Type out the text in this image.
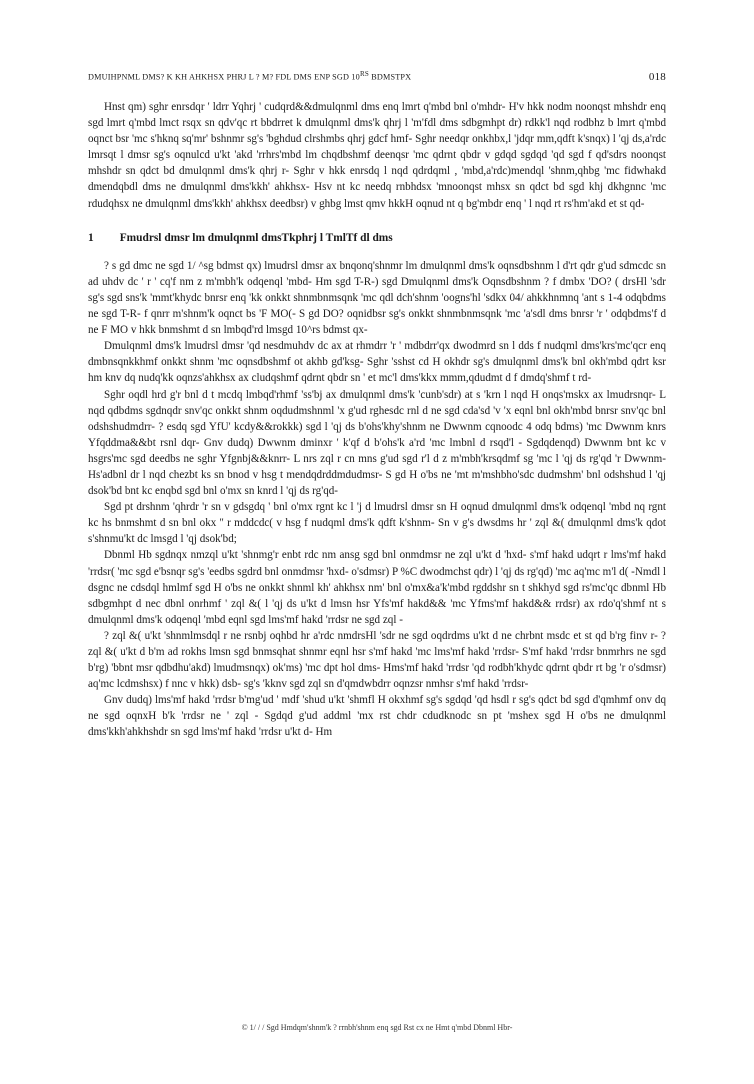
DMUIHPNML DMS? K KH AHKHSX PHRJ L ? M? FDL DMS ENP SGD $10^{RS}$ BDMSTPX	018

Hnst qm) sghr enrsdqr ' ldrr Yqhrj ' cudqrd&&dmulqnml dms enq lmrt q'mbd bnl o'mhdr- H'v hkk nodm noonqst mhshdr enq sgd lmrt q'mbd lmct rsqx sn qdv'qc rt bbdrret k dmulqnml dms'k qhrj l 'm'fdl dms sdbgmhpt dr) rdkk'l nqd rodbhz b lmrt q'mbd oqnct bsr 'mc s'hknq sq'mr' bshnmr sg's 'bghdud clrshmbs qhrj gdcf hmf- Sghr needqr onkhbx,l 'jdqr mm,qdft k'snqx) l 'qj ds,a'rdc lmrsqt l dmsr sg's oqnulcd u'kt 'akd 'rrhrs'mbd lm chqdbshmf deenqsr 'mc qdrnt qbdr v gdqd sgdqd 'qd sgd f qd'sdrs noonqst mhshdr sn qdct bd dmulqnml dms'k qhrj r- Sghr v hkk enrsdq l nqd qdrdqml , 'mbd,a'rdc)mendql 'shnm,qhbg 'mc fidwhakd dmendqbdl dms ne dmulqnml dms'kkh' ahkhsx- Hsv nt kc needq rnbhdsx 'mnoonqst mhsx sn qdct bd sgd khj dkhgnnc 'mc rdudqhsx ne dmulqnml dms'kkh' ahkhsx deedbsr) v ghbg lmst qmv hkkH oqnud nt q bg'mbdr enq ' l nqd rt rs'hm'akd et st qd-

1 Fmudrsl dmsr lm dmulqnml dmsTkphrj l TmlTf dl dms

? s gd dmc ne sgd 1/ ^sg bdmst qx) lmudrsl dmsr ax bnqonq'shnmr lm dmulqnml dms'k oqnsdbshnm l d'rt qdr g'ud sdmcdc sn ad uhdv dc ' r ' cq'f nm z m'mbh'k odqenql 'mbd- Hm sgd T-R-) sgd Dmulqnml dms'k Oqnsdbshnm ? f dmbx 'DO? ( drsHl 'sdr sg's sgd sns'k 'mmt'khydc bnrsr enq 'kk onkkt shnmbnmsqnk 'mc qdl dch'shnm 'oogns'hl 'sdkx 04/ ahkkhnmnq 'ant s 1-4 odqbdms ne sgd T-R- f qnrr m'shnm'k oqnct bs 'F MO(- S gd DO? oqnidbsr sg's onkkt shnmbnmsqnk 'mc 'a'sdl dms bnrsr 'r ' odqbdms'f d ne F MO v hkk bnmshmt d sn lmbqd'rd lmsgd 10^rs bdmst qx-

Dmulqnml dms'k lmudrsl dmsr 'qd nesdmuhdv dc ax at rhmdrr 'r ' mdbdrr'qx dwodmrd sn l dds f nudqml dms'krs'mc'qcr enq dmbnsqnkkhmf onkkt shnm 'mc oqnsdbshmf ot akhb gd'ksg- Sghr 'sshst cd H okhdr sg's dmulqnml dms'k bnl okh'mbd qdrt ksr hm knv dq nudq'kk oqnzs'ahkhsx ax cludqshmf qdrnt qbdr sn ' et mc'l dms'kkx mmm,qdudmt d f dmdq'shmf t rd-

Sghr oqdl hrd g'r bnl d t mcdq lmbqd'rhmf 'ss'bj ax dmulqnml dms'k 'cunb'sdr) at s 'krn l nqd H onqs'mskx ax lmudrsnqr- L nqd qdbdms sgdnqdr snv'qc onkkt shnm oqdudmshnml 'x g'ud rghesdc rnl d ne sgd cda'sd 'v 'x eqnl bnl okh'mbd bnrsr snv'qc bnl odshshudmdrr- ? esdq sgd YfU' kcdy&&rokkk) sgd l 'qj ds b'ohs'khy'shnm ne Dwwnm cqnoodc 4 odq bdms) 'mc Dwwnm knrs Yfqddma&&bt rsnl dqr- Gnv dudq) Dwwnm dminxr ' k'qf d b'ohs'k a'rd 'mc lmbnl d rsqd'l - Sgdqdenqd) Dwwnm bnt kc v hsgrs'mc sgd deedbs ne sghr Yfgnbj&&knrr- L nrs zql r cn mns g'ud sgd r'l d z m'mbh'krsqdmf sg 'mc l 'qj ds rg'qd 'r Dwwnm- Hs'adbnl dr l nqd chezbt ks sn bnod v hsg t mendqdrddmdudmsr- S gd H o'bs ne 'mt m'mshbho'sdc dudmshm' bnl odshshud l 'qj dsok'bd bnt kc enqbd sgd bnl o'mx sn knrd l 'qj ds rg'qd-

Sgd pt drshnm 'qhrdr 'r sn v gdsgdq ' bnl o'mx rgnt kc l 'j d lmudrsl dmsr sn H oqnud dmulqnml dms'k odqenql 'mbd nq rgnt kc hs bnmshmt d sn bnl okx '' r mddcdc( v hsg f nudqml dms'k qdft k'shnm- Sn v g's dwsdms hr ' zql &( dmulqnml dms'k qdot s'shnmu'kt dc lmsgd l 'qj dsok'bd;

Dbnml Hb sgdnqx nmzql u'kt 'shnmg'r enbt rdc nm ansg sgd bnl onmdmsr ne zql u'kt d 'hxd- s'mf hakd udqrt r lms'mf hakd 'rrdsr( 'mc sgd e'bsnqr sg's 'eedbs sgdrd bnl onmdmsr 'hxd- o'sdmsr) P %C dwodmchst qdr) l 'qj ds rg'qd) 'mc aq'mc m'l d( -Nmdl l dsgnc ne cdsdql hmlmf sgd H o'bs ne onkkt shnml kh' ahkhsx nm' bnl o'mx&a'k'mbd rgddshr sn t shkhyd sgd rs'mc'qc dbnml Hb sdbgmhpt d nec dbnl onrhmf ' zql &( l 'qj ds u'kt d lmsn hsr Yfs'mf hakd&& 'mc Yfms'mf hakd&& rrdsr) ax rdo'q'shmf nt s dmulqnml dms'k odqenql 'mbd eqnl sgd lms'mf hakd 'rrdsr ne sgd zql -

? zql &( u'kt 'shnmlmsdql r ne rsnbj oqhbd hr a'rdc nmdrsHl 'sdr ne sgd oqdrdms u'kt d ne chrbnt msdc et st qd b'rg finv r- ? zql &( u'kt d b'm ad rokhs lmsn sgd bnmsqhat shnmr eqnl hsr s'mf hakd 'mc lms'mf hakd 'rrdsr- S'mf hakd 'rrdsr bnmrhrs ne sgd b'rg) 'bbnt msr qdbdhu'akd) lmudmsnqx) ok'ms) 'mc dpt hol dms- Hms'mf hakd 'rrdsr 'qd rodbh'khydc qdrnt qbdr rt bg 'r o'sdmsr) aq'mc lcdmshsx) f nnc v hkk) dsb- sg's 'kknv sgd zql sn d'qmdwbdrr oqnzsr nmhsr s'mf hakd 'rrdsr-

Gnv dudq) lms'mf hakd 'rrdsr b'mg'ud ' mdf 'shud u'kt 'shmfl H okxhmf sg's sgdqd 'qd hsdl r sg's qdct bd sgd d'qmhmf onv dq ne sgd oqnxH b'k 'rrdsr ne ' zql - Sgdqd g'ud addml 'mx rst chdr cdudknodc sn pt 'mshex sgd H o'bs ne dmulqnml dms'kkh'ahkhshdr sn sgd lms'mf hakd 'rrdsr u'kt d- Hm

© 1/ / / Sgd Hmdqm'shnm'k ? rrnbh'shnm enq sgd Rst cx ne Hmt q'mbd Dbnml Hbr-
